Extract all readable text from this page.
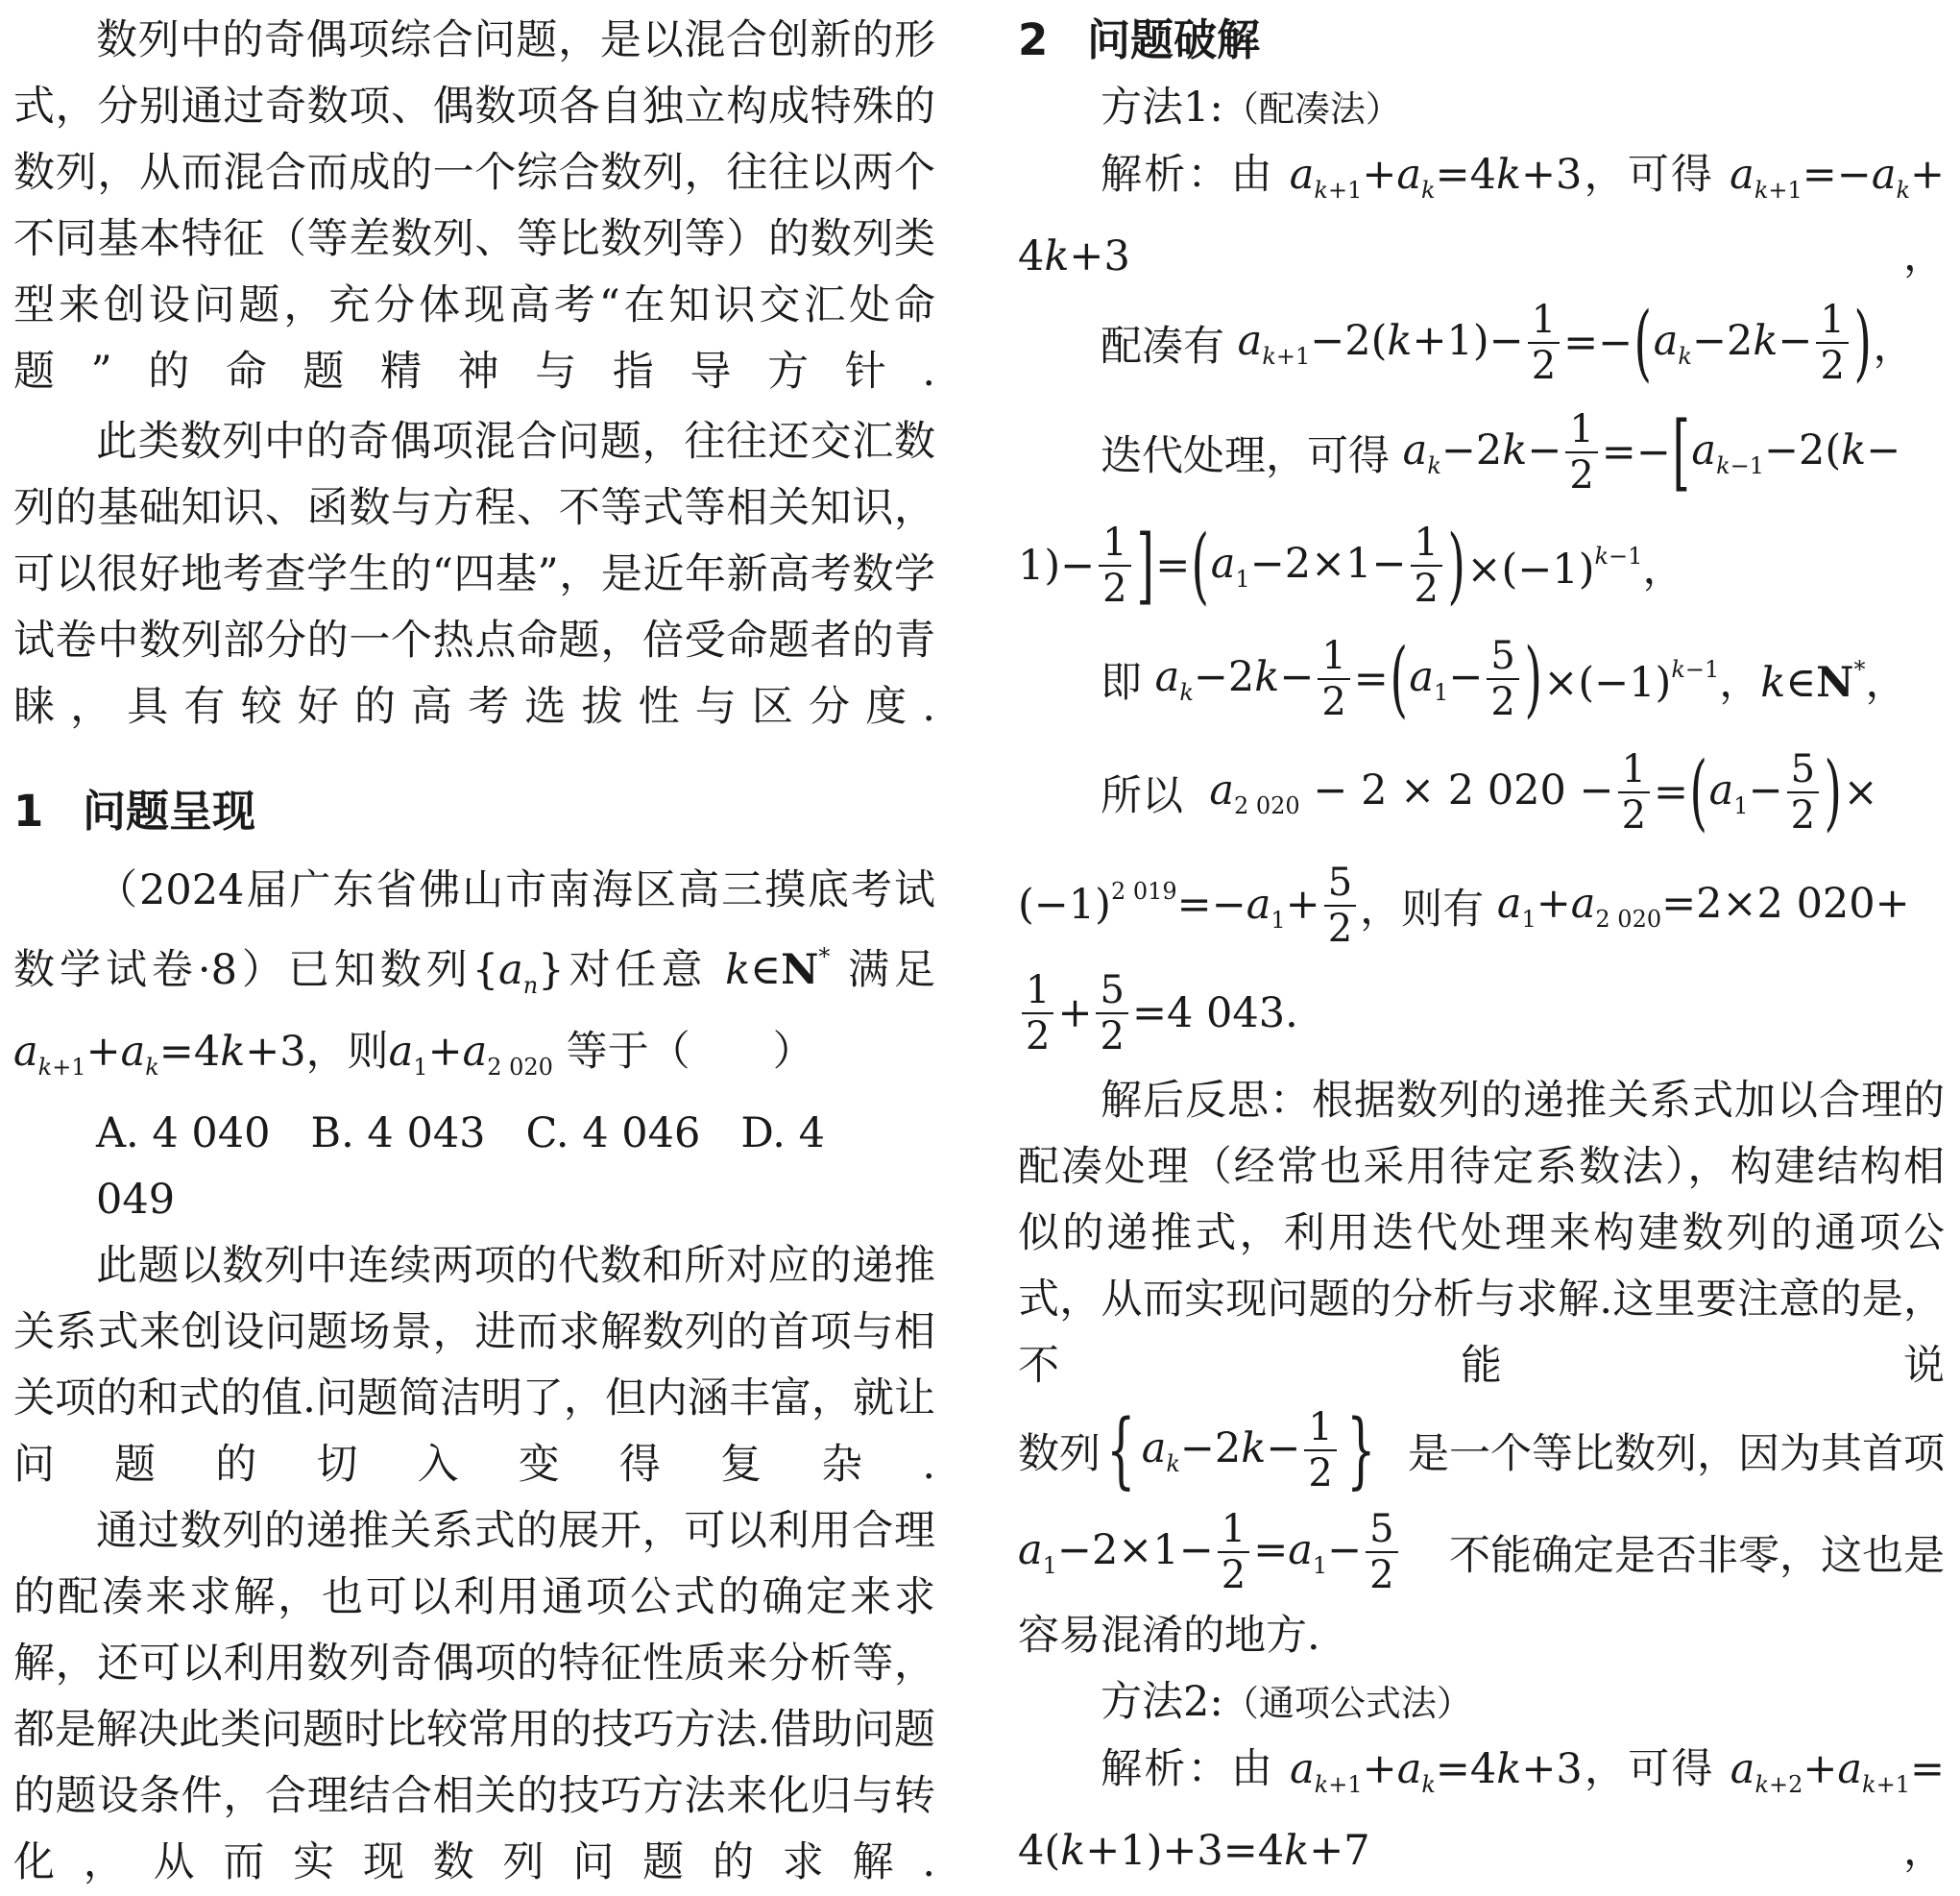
数列中的奇偶项综合问题，是以混合创新的形式，分别通过奇数项、偶数项各自独立构成特殊的数列，从而混合而成的一个综合数列，往往以两个不同基本特征（等差数列、等比数列等）的数列类型来创设问题，充分体现高考“在知识交汇处命题”的命题精神与指导方针.

此类数列中的奇偶项混合问题，往往还交汇数列的基础知识、函数与方程、不等式等相关知识，可以很好地考查学生的“四基”，是近年新高考数学试卷中数列部分的一个热点命题，倍受命题者的青睐，具有较好的高考选拔性与区分度.

1 问题呈现

（2024届广东省佛山市南海区高三摸底考试数学试卷·8）已知数列$\{a_n\}$对任意 k∈N* 满足

$a_{k+1}+a_k=4k+3$，则$a_1+a_{2 020}$ 等于（　　）

A. 4 040 B. 4 043 C. 4 046 D. 4 049

此题以数列中连续两项的代数和所对应的递推关系式来创设问题场景，进而求解数列的首项与相关项的和式的值.问题简洁明了，但内涵丰富，就让问题的切入变得复杂.

通过数列的递推关系式的展开，可以利用合理的配凑来求解，也可以利用通项公式的确定来求解，还可以利用数列奇偶项的特征性质来分析等，都是解决此类问题时比较常用的技巧方法.借助问题的题设条件，合理结合相关的技巧方法来化归与转化，从而实现数列问题的求解.

2 问题破解

方法1:（配凑法）

解析：由 $a_{k+1}+a_k=4k+3$，可得 $a_{k+1}=-a_k+ 4k+3$，

配凑有
$a_{k+1}-2(k+1)- \frac{1}{2}$ =− ( $a_k-2k- \frac{1}{2}$ ) ，
迭代处理，可得
$a_k-2k- \frac{1}{2}$ =− [ $a_{k-1}-2(k-$
$1)- \frac{1}{2}$ ] = ( $a_1-2\times 1- \frac{1}{2}$ ) $\times(-1)^{k-1}$，
即
$a_k-2k- \frac{1}{2}$ = ( $a_1- \frac{5}{2}$ ) $\times(-1)^{k-1}$，k∈N*，
所以
$a_{2 020} - 2 \times 2$ $020 - \frac{1}{2}$ = ( $a_1- \frac{5}{2}$ ) ×
$(-1)^{2 019}=-a_1+ \frac{5}{2}$ ，则有
$a_1+a_{2 020}=2\times 2$ 020+
$\frac{1}{2} + \frac{5}{2} =4$ 043.

解后反思：根据数列的递推关系式加以合理的配凑处理（经常也采用待定系数法），构建结构相似的递推式，利用迭代处理来构建数列的通项公式，从而实现问题的分析与求解.这里要注意的是，不能说

数列 { $a_k-2k- \frac{1}{2}$ } 是一个等比数列，因为其首项
$a_1-2\times 1- \frac{1}{2} =a_1- \frac{5}{2}$ 不能确定是否非零，这也是

容易混淆的地方.

方法2:（通项公式法）

解析：由 $a_{k+1}+a_k=4k+3$，可得 $a_{k+2}+a_{k+1}= 4(k+1)+3=4k+7$，
